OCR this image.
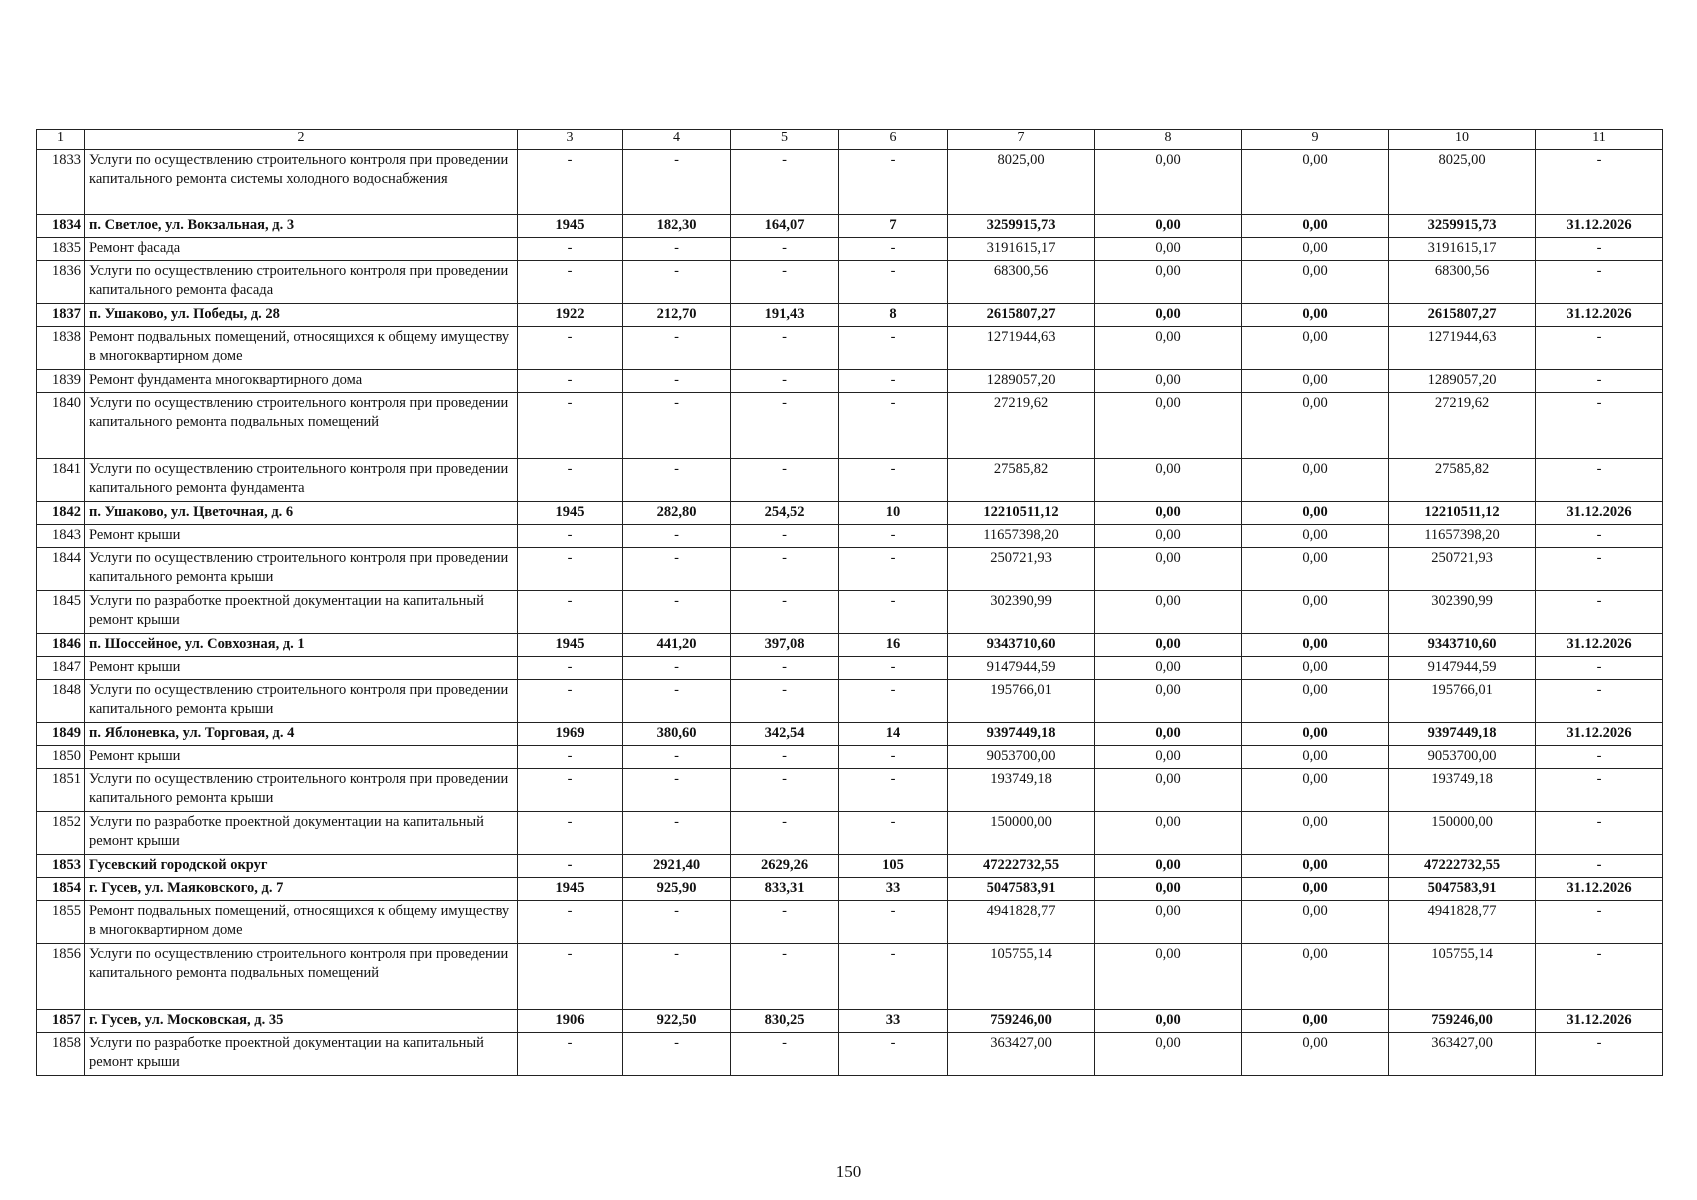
1	2	3	4	5	6	7	8	9	10	11
1833	Услуги по осуществлению строительного контроля при проведении капитального ремонта системы холодного водоснабжения	-	-	-	-	8025,00	0,00	0,00	8025,00	-
1834	п. Светлое, ул. Вокзальная, д. 3	1945	182,30	164,07	7	3259915,73	0,00	0,00	3259915,73	31.12.2026
1835	Ремонт фасада	-	-	-	-	3191615,17	0,00	0,00	3191615,17	-
1836	Услуги по осуществлению строительного контроля при проведении капитального ремонта фасада	-	-	-	-	68300,56	0,00	0,00	68300,56	-
1837	п. Ушаково, ул. Победы, д. 28	1922	212,70	191,43	8	2615807,27	0,00	0,00	2615807,27	31.12.2026
1838	Ремонт подвальных помещений, относящихся к общему имуществу в многоквартирном доме	-	-	-	-	1271944,63	0,00	0,00	1271944,63	-
1839	Ремонт фундамента многоквартирного дома	-	-	-	-	1289057,20	0,00	0,00	1289057,20	-
1840	Услуги по осуществлению строительного контроля при проведении капитального ремонта подвальных помещений	-	-	-	-	27219,62	0,00	0,00	27219,62	-
1841	Услуги по осуществлению строительного контроля при проведении капитального ремонта фундамента	-	-	-	-	27585,82	0,00	0,00	27585,82	-
1842	п. Ушаково, ул. Цветочная, д. 6	1945	282,80	254,52	10	12210511,12	0,00	0,00	12210511,12	31.12.2026
1843	Ремонт крыши	-	-	-	-	11657398,20	0,00	0,00	11657398,20	-
1844	Услуги по осуществлению строительного контроля при проведении капитального ремонта крыши	-	-	-	-	250721,93	0,00	0,00	250721,93	-
1845	Услуги по разработке проектной документации на капитальный ремонт крыши	-	-	-	-	302390,99	0,00	0,00	302390,99	-
1846	п. Шоссейное, ул. Совхозная, д. 1	1945	441,20	397,08	16	9343710,60	0,00	0,00	9343710,60	31.12.2026
1847	Ремонт крыши	-	-	-	-	9147944,59	0,00	0,00	9147944,59	-
1848	Услуги по осуществлению строительного контроля при проведении капитального ремонта крыши	-	-	-	-	195766,01	0,00	0,00	195766,01	-
1849	п. Яблоневка, ул. Торговая, д. 4	1969	380,60	342,54	14	9397449,18	0,00	0,00	9397449,18	31.12.2026
1850	Ремонт крыши	-	-	-	-	9053700,00	0,00	0,00	9053700,00	-
1851	Услуги по осуществлению строительного контроля при проведении капитального ремонта крыши	-	-	-	-	193749,18	0,00	0,00	193749,18	-
1852	Услуги по разработке проектной документации на капитальный ремонт крыши	-	-	-	-	150000,00	0,00	0,00	150000,00	-
1853	Гусевский городской округ	-	2921,40	2629,26	105	47222732,55	0,00	0,00	47222732,55	-
1854	г. Гусев, ул. Маяковского, д. 7	1945	925,90	833,31	33	5047583,91	0,00	0,00	5047583,91	31.12.2026
1855	Ремонт подвальных помещений, относящихся к общему имуществу в многоквартирном доме	-	-	-	-	4941828,77	0,00	0,00	4941828,77	-
1856	Услуги по осуществлению строительного контроля при проведении капитального ремонта подвальных помещений	-	-	-	-	105755,14	0,00	0,00	105755,14	-
1857	г. Гусев, ул. Московская, д. 35	1906	922,50	830,25	33	759246,00	0,00	0,00	759246,00	31.12.2026
1858	Услуги по разработке проектной документации на капитальный ремонт крыши	-	-	-	-	363427,00	0,00	0,00	363427,00	-
150
